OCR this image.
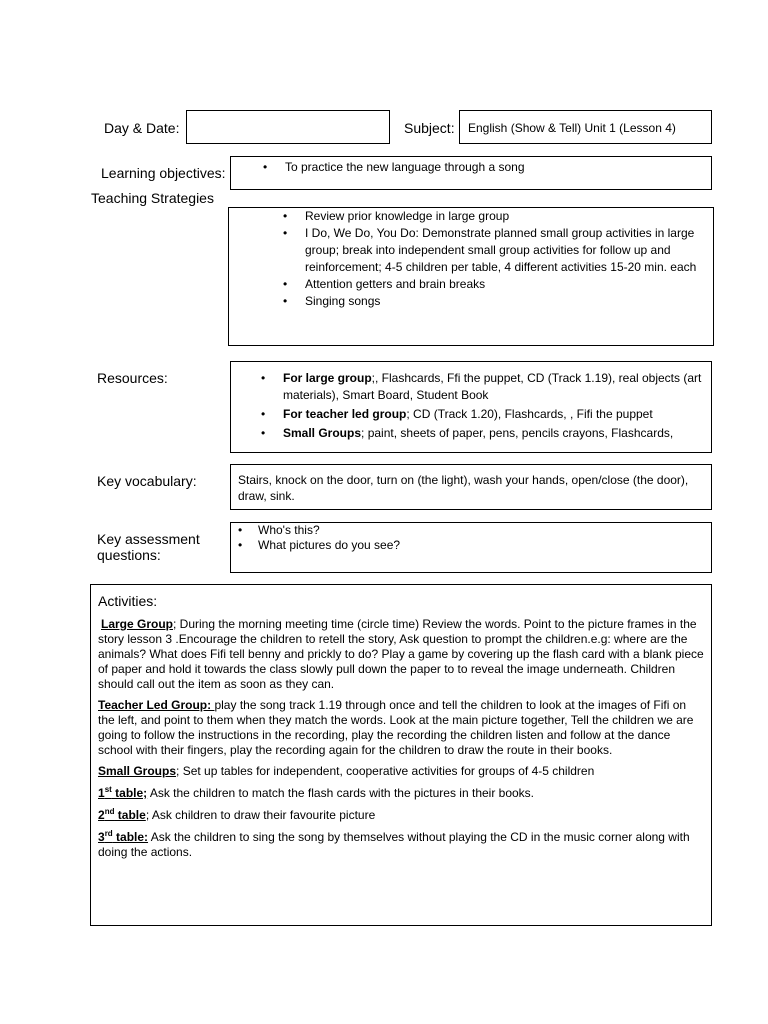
Day & Date:	Subject: English (Show & Tell) Unit 1 (Lesson 4)
Learning objectives:	• To practice the new language through a song
Teaching Strategies
• Review prior knowledge in large group
• I Do, We Do, You Do: Demonstrate planned small group activities in large group; break into independent small group activities for follow up and reinforcement; 4-5 children per table, 4 different activities 15-20 min. each
• Attention getters and brain breaks
• Singing songs
Resources:	• For large group;, Flashcards, Ffi the puppet, CD (Track 1.19), real objects (art materials), Smart Board, Student Book
• For teacher led group; CD (Track 1.20), Flashcards, , Fifi the puppet
• Small Groups; paint, sheets of paper, pens, pencils crayons, Flashcards,
Key vocabulary:	Stairs, knock on the door, turn on (the light), wash your hands, open/close (the door), draw, sink.
Key assessment questions:
• Who's this?
• What pictures do you see?
Activities:

Large Group; During the morning meeting time (circle time) Review the words. Point to the picture frames in the story lesson 3 .Encourage the children to retell the story, Ask question to prompt the children.e.g: where are the animals? What does Fifi tell benny and prickly to do? Play a game by covering up the flash card with a blank piece of paper and hold it towards the class slowly pull down the paper to to reveal the image underneath. Children should call out the item as soon as they can.

Teacher Led Group: play the song track 1.19 through once and tell the children to look at the images of Fifi on the left, and point to them when they match the words. Look at the main picture together, Tell the children we are going to follow the instructions in the recording, play the recording the children listen and follow at the dance school with their fingers, play the recording again for the children to draw the route in their books.

Small Groups; Set up tables for independent, cooperative activities for groups of 4-5 children

1st table; Ask the children to match the flash cards with the pictures in their books.

2nd table; Ask children to draw their favourite picture

3rd table: Ask the children to sing the song by themselves without playing the CD in the music corner along with doing the actions.
